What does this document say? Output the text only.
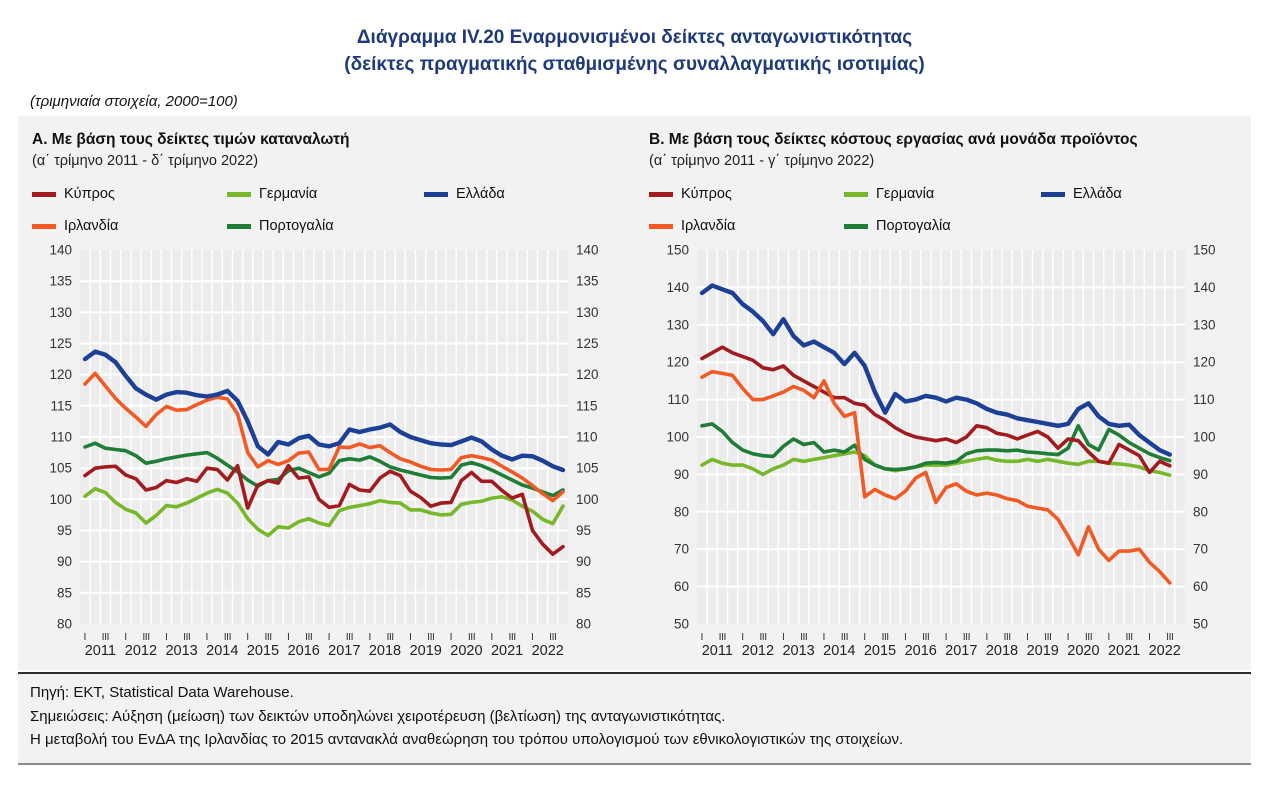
Διάγραμμα IV.20 Εναρμονισμένοι δείκτες ανταγωνιστικότητας
(δείκτες πραγματικής σταθμισμένης συναλλαγματικής ισοτιμίας)
(τριμηνιαία στοιχεία, 2000=100)
Α. Με βάση τους δείκτες τιμών καταναλωτή
(α΄ τρίμηνο 2011 - δ΄ τρίμηνο 2022)
Κύπρος	Γερμανία	Ελλάδα
Ιρλανδία	Πορτογαλία
80	80
85	85
90	90
95	95
100	100
105	105
110	110
115	115
120	120
125	125
130	130
135	135
140	140
I III
2011
I III
2012
I III
2013
I III
2014
I III
2015
I III
2016
I III
2017
I III
2018
I III
2019
I III
2020
I III
2021
I III
2022
Β. Με βάση τους δείκτες κόστους εργασίας ανά μονάδα προϊόντος
(α΄ τρίμηνο 2011 - γ΄ τρίμηνο 2022)
Κύπρος	Γερμανία	Ελλάδα
Ιρλανδία	Πορτογαλία
50	50
60	60
70	70
80	80
90	90
100	100
110	110
120	120
130	130
140	140
150	150
I III
2011
I III
2012
I III
2013
I III
2014
I III
2015
I III
2016
I III
2017
I III
2018
I III
2019
I III
2020
I III
2021
I III
2022
Πηγή: ΕΚΤ, Statistical Data Warehouse.
Σημειώσεις: Αύξηση (μείωση) των δεικτών υποδηλώνει χειροτέρευση (βελτίωση) της ανταγωνιστικότητας.
Η μεταβολή του ΕνΔΑ της Ιρλανδίας το 2015 αντανακλά αναθεώρηση του τρόπου υπολογισμού των εθνικολογιστικών της στοιχείων.
